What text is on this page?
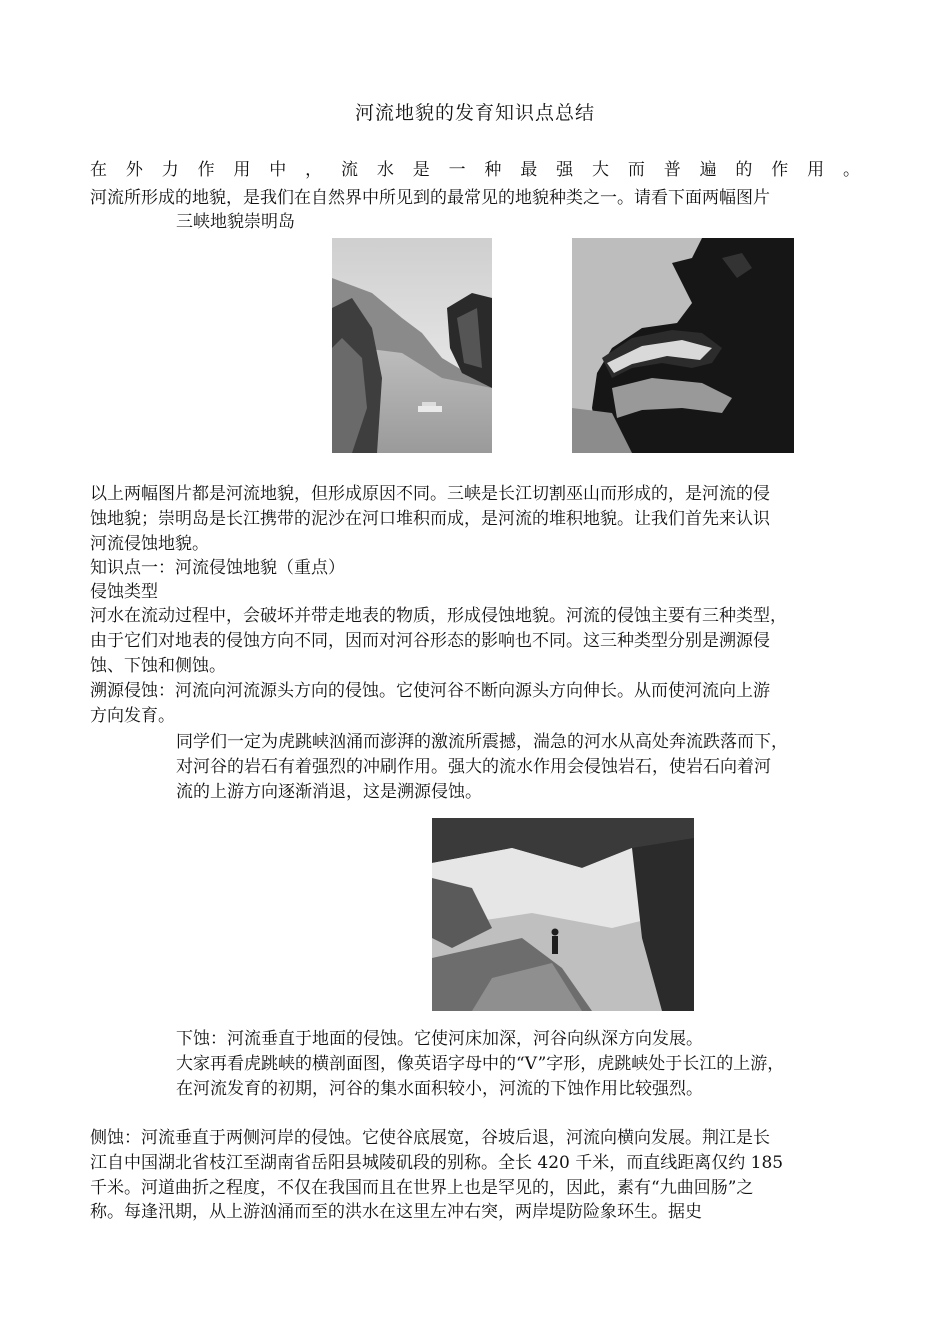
河流地貌的发育知识点总结
在外力作用中，流水是一种最强大而普遍的作用。
河流所形成的地貌，是我们在自然界中所见到的最常见的地貌种类之一。请看下面两幅图片
三峡地貌崇明岛
以上两幅图片都是河流地貌，但形成原因不同。三峡是长江切割巫山而形成的，是河流的侵
蚀地貌；崇明岛是长江携带的泥沙在河口堆积而成，是河流的堆积地貌。让我们首先来认识
河流侵蚀地貌。
知识点一：河流侵蚀地貌（重点）
侵蚀类型
河水在流动过程中，会破坏并带走地表的物质，形成侵蚀地貌。河流的侵蚀主要有三种类型，
由于它们对地表的侵蚀方向不同，因而对河谷形态的影响也不同。这三种类型分别是溯源侵
蚀、下蚀和侧蚀。
溯源侵蚀：河流向河流源头方向的侵蚀。它使河谷不断向源头方向伸长。从而使河流向上游
方向发育。
同学们一定为虎跳峡汹涌而澎湃的激流所震撼，湍急的河水从高处奔流跌落而下，
对河谷的岩石有着强烈的冲刷作用。强大的流水作用会侵蚀岩石，使岩石向着河
流的上游方向逐渐消退，这是溯源侵蚀。
下蚀：河流垂直于地面的侵蚀。它使河床加深，河谷向纵深方向发展。
大家再看虎跳峡的横剖面图，像英语字母中的“V”字形，虎跳峡处于长江的上游，
在河流发育的初期，河谷的集水面积较小，河流的下蚀作用比较强烈。
侧蚀：河流垂直于两侧河岸的侵蚀。它使谷底展宽，谷坡后退，河流向横向发展。荆江是长
江自中国湖北省枝江至湖南省岳阳县城陵矶段的别称。全长 420 千米，而直线距离仅约 185
千米。河道曲折之程度，不仅在我国而且在世界上也是罕见的，因此，素有“九曲回肠”之
称。每逢汛期，从上游汹涌而至的洪水在这里左冲右突，两岸堤防险象环生。据史
